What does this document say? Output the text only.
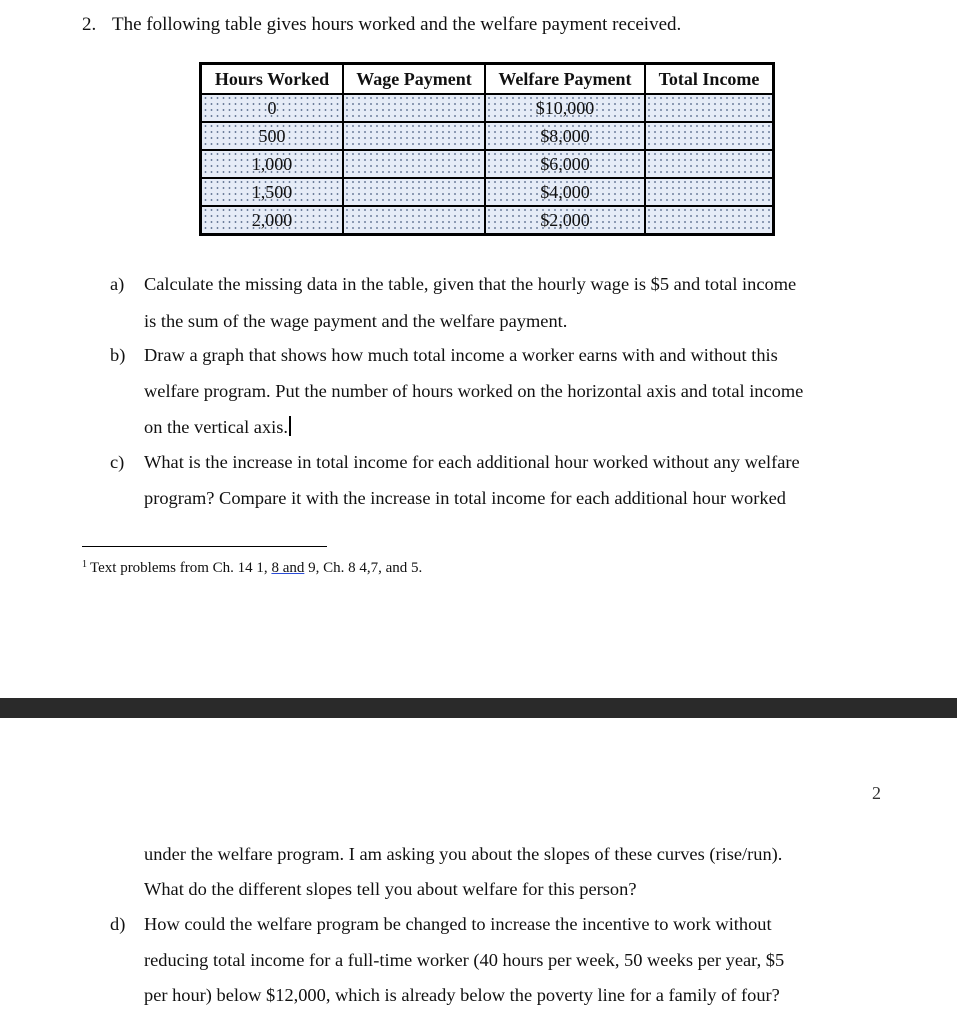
2. The following table gives hours worked and the welfare payment received.
Hours Worked	Wage Payment	Welfare Payment	Total Income
0		$10,000	
500		$8,000	
1,000		$6,000	
1,500		$4,000	
2,000		$2,000	
a) Calculate the missing data in the table, given that the hourly wage is $5 and total income
is the sum of the wage payment and the welfare payment.
b) Draw a graph that shows how much total income a worker earns with and without this
welfare program. Put the number of hours worked on the horizontal axis and total income
on the vertical axis.
c) What is the increase in total income for each additional hour worked without any welfare
program? Compare it with the increase in total income for each additional hour worked
$^1$ Text problems from Ch. 14 1, 8 and 9, Ch. 8 4,7, and 5.
2
under the welfare program. I am asking you about the slopes of these curves (rise/run).
What do the different slopes tell you about welfare for this person?
d) How could the welfare program be changed to increase the incentive to work without
reducing total income for a full-time worker (40 hours per week, 50 weeks per year, $5
per hour) below $12,000, which is already below the poverty line for a family of four?
